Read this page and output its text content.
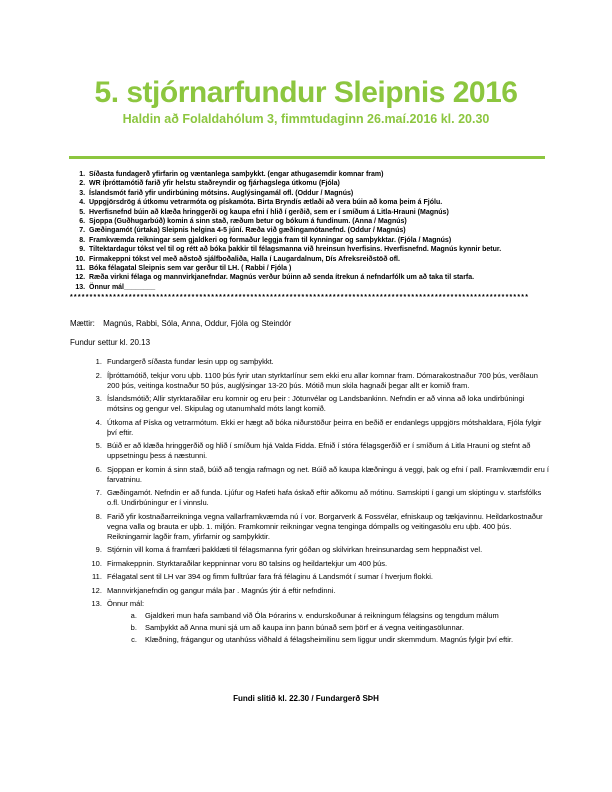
5. stjórnarfundur Sleipnis 2016
Haldin að Folaldahólum 3, fimmtudaginn 26.maí.2016 kl. 20.30
1. Síðasta fundagerð yfirfarin og væntanlega samþykkt. (engar athugasemdir komnar fram)
2. WR íþróttamótið farið yfir helstu staðreyndir og fjárhagslega útkomu (Fjóla)
3. Íslandsmót farið yfir undirbúning mótsins. Auglýsingamál ofl. (Oddur / Magnús)
4. Uppgjörsdrög á útkomu vetrarmóta og pískamóta. Birta Bryndís ætlaði að vera búin að koma þeim á Fjólu.
5. Hverfisnefnd búin að klæða hringgerði og kaupa efni í hlið í gerðið, sem er í smíðum á Litla-Hrauni (Magnús)
6. Sjoppa (Guðhugarbúð) komin á sinn stað, ræðum betur og bókum á fundinum. (Anna / Magnús)
7. Gæðingamót (úrtaka) Sleipnis helgina 4-5 júní. Ræða við gæðingamótanefnd. (Oddur / Magnús)
8. Framkvæmda reikningar sem gjaldkeri og formaður leggja fram til kynningar og samþykktar. (Fjóla / Magnús)
9. Tiltektardagur tókst vel til og rétt að bóka þakkir til félagsmanna við hreinsun hverfisins. Hverfisnefnd. Magnús kynnir betur.
10. Firmakeppni tókst vel með aðstoð sjálfboðaliða, Halla í Laugardalnum, Dís Afreksreiðstöð ofl.
11. Bóka félagatal Sleipnis sem var gerður til LH. ( Rabbi / Fjóla )
12. Ræða virkni félaga og mannvirkjanefndar. Magnús verður búinn að senda ítrekun á nefndarfólk um að taka til starfa.
13. Önnur mál________
*********************************************************************************************************************
Mættir: Magnús, Rabbi, Sóla, Anna, Oddur, Fjóla og Steindór
Fundur settur kl. 20.13
1. Fundargerð síðasta fundar lesin upp og samþykkt.
2. Íþróttamótið, tekjur voru uþb. 1100 þús fyrir utan styrktarlínur sem ekki eru allar komnar fram. Dómarakostnaður 700 þús, verðlaun 200 þús, veitinga kostnaður 50 þús, auglýsingar 13-20 þús. Mótið mun skila hagnaði þegar allt er komið fram.
3. Íslandsmótið; Allir styrktaraðilar eru komnir og eru þeir : Jötunvélar og Landsbankinn. Nefndin er að vinna að loka undirbúningi mótsins og gengur vel. Skipulag og utanumhald móts langt komið.
4. Útkoma af Píska og vetrarmótum. Ekki er hægt að bóka niðurstöður þeirra en beðið er endanlegs uppgjörs mótshaldara, Fjóla fylgir því eftir.
5. Búið er að klæða hringgerðið og hlið í smíðum hjá Valda Fidda. Efnið í stóra félagsgerðið er í smíðum á Litla Hrauni og stefnt að uppsetningu þess á næstunni.
6. Sjoppan er komin á sinn stað, búið að tengja rafmagn og net. Búið að kaupa klæðningu á veggi, þak og efni í pall. Framkvæmdir eru í farvatninu.
7. Gæðingamót. Nefndin er að funda. Ljúfur og Hafeti hafa óskað eftir aðkomu að mótinu. Samskipti í gangi um skiptingu v. starfsfólks o.fl. Undirbúningur er í vinnslu.
8. Farið yfir kostnaðarreikninga vegna vallarframkvæmda nú í vor. Borgarverk & Fossvélar, efniskaup og tækjavinnu. Heildarkostnaður vegna valla og brauta er uþb. 1. miljón. Framkomnir reikningar vegna tenginga dómpalls og veitingasölu eru uþb. 400 þús. Reikningarnir lagðir fram, yfirfarnir og samþykktir.
9. Stjórnin vill koma á framfæri þakklæti til félagsmanna fyrir góðan og skilvirkan hreinsunardag sem heppnaðist vel.
10. Firmakeppnin. Styrktaraðilar keppninnar voru 80 talsins og heildartekjur um 400 þús.
11. Félagatal sent til LH var 394 og fimm fulltrúar fara frá félaginu á Landsmót í sumar í hverjum flokki.
12. Mannvirkjanefndin og gangur mála þar . Magnús ýtir á eftir nefndinni.
13. Önnur mál:
a. Gjaldkeri mun hafa samband við Óla Þórarins v. endurskoðunar á reikningum félagsins og tengdum málum
b. Samþykkt að Anna muni sjá um að kaupa inn þann búnað sem þörf er á vegna veitingasölunnar.
c. Klæðning, frágangur og utanhúss viðhald á félagsheimilinu sem liggur undir skemmdum. Magnús fylgir því eftir.
Fundi slitið kl. 22.30 / Fundargerð SÞH
